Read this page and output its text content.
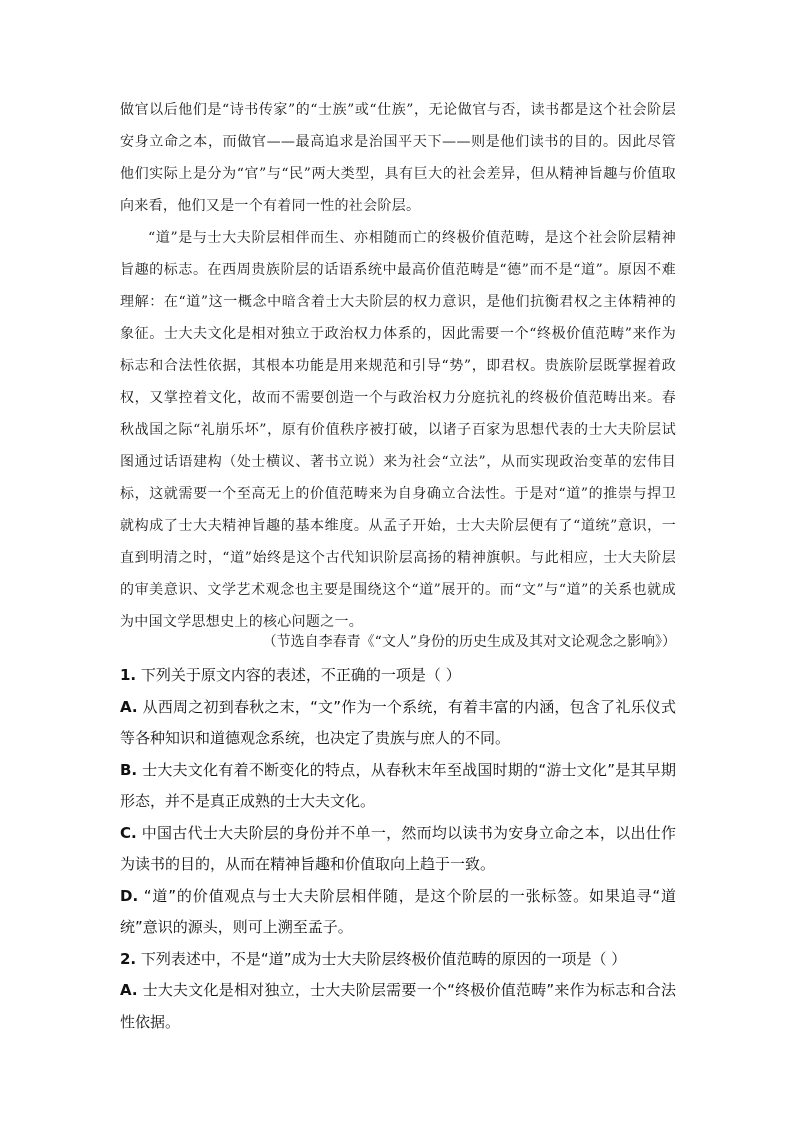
做官以后他们是“诗书传家”的“士族”或“仕族”，无论做官与否，读书都是这个社会阶层安身立命之本，而做官——最高追求是治国平天下——则是他们读书的目的。因此尽管他们实际上是分为“官”与“民”两大类型，具有巨大的社会差异，但从精神旨趣与价值取向来看，他们又是一个有着同一性的社会阶层。

“道”是与士大夫阶层相伴而生、亦相随而亡的终极价值范畴，是这个社会阶层精神旨趣的标志。在西周贵族阶层的话语系统中最高价值范畴是“德”而不是“道”。原因不难理解：在“道”这一概念中暗含着士大夫阶层的权力意识，是他们抗衡君权之主体精神的象征。士大夫文化是相对独立于政治权力体系的，因此需要一个“终极价值范畴”来作为标志和合法性依据，其根本功能是用来规范和引导“势”，即君权。贵族阶层既掌握着政权，又掌控着文化，故而不需要创造一个与政治权力分庭抗礼的终极价值范畴出来。春秋战国之际“礼崩乐坏”，原有价值秩序被打破，以诸子百家为思想代表的士大夫阶层试图通过话语建构（处士横议、著书立说）来为社会“立法”，从而实现政治变革的宏伟目标，这就需要一个至高无上的价值范畴来为自身确立合法性。于是对“道”的推崇与捍卫就构成了士大夫精神旨趣的基本维度。从孟子开始，士大夫阶层便有了“道统”意识，一直到明清之时，“道”始终是这个古代知识阶层高扬的精神旗帜。与此相应，士大夫阶层的审美意识、文学艺术观念也主要是围绕这个“道”展开的。而“文”与“道”的关系也就成为中国文学思想史上的核心问题之一。

（节选自李春青《“文人”身份的历史生成及其对文论观念之影响》）

1. 下列关于原文内容的表述，不正确的一项是（ ）

A. 从西周之初到春秋之末，“文”作为一个系统，有着丰富的内涵，包含了礼乐仪式等各种知识和道德观念系统，也决定了贵族与庶人的不同。

B. 士大夫文化有着不断变化的特点，从春秋末年至战国时期的“游士文化”是其早期形态，并不是真正成熟的士大夫文化。

C. 中国古代士大夫阶层的身份并不单一，然而均以读书为安身立命之本，以出仕作为读书的目的，从而在精神旨趣和价值取向上趋于一致。

D. “道”的价值观点与士大夫阶层相伴随，是这个阶层的一张标签。如果追寻“道统”意识的源头，则可上溯至孟子。

2. 下列表述中，不是“道”成为士大夫阶层终极价值范畴的原因的一项是（ ）

A. 士大夫文化是相对独立，士大夫阶层需要一个“终极价值范畴”来作为标志和合法性依据。
